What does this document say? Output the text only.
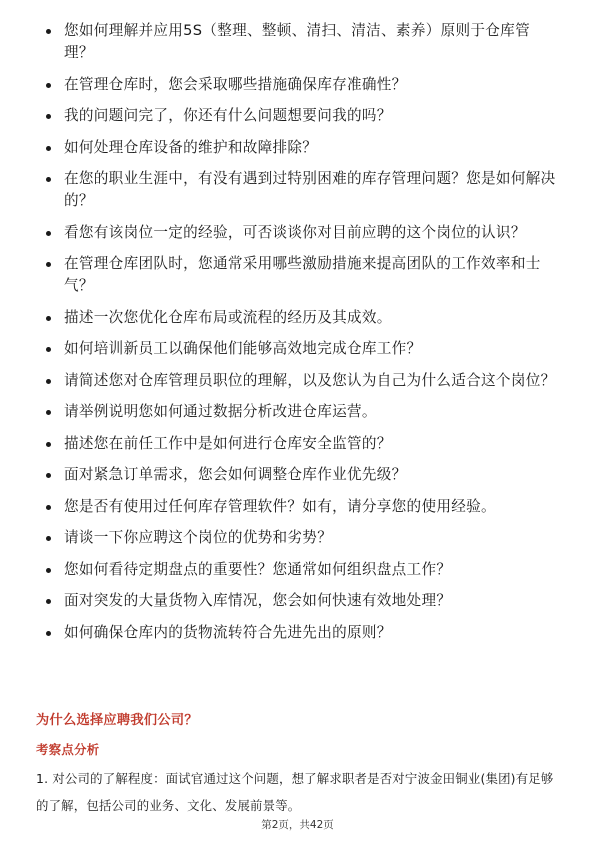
您如何理解并应用5S（整理、整顿、清扫、清洁、素养）原则于仓库管理？
在管理仓库时，您会采取哪些措施确保库存准确性？
我的问题问完了，你还有什么问题想要问我的吗？
如何处理仓库设备的维护和故障排除？
在您的职业生涯中，有没有遇到过特别困难的库存管理问题？您是如何解决的？
看您有该岗位一定的经验，可否谈谈你对目前应聘的这个岗位的认识？
在管理仓库团队时，您通常采用哪些激励措施来提高团队的工作效率和士气？
描述一次您优化仓库布局或流程的经历及其成效。
如何培训新员工以确保他们能够高效地完成仓库工作？
请简述您对仓库管理员职位的理解，以及您认为自己为什么适合这个岗位？
请举例说明您如何通过数据分析改进仓库运营。
描述您在前任工作中是如何进行仓库安全监管的？
面对紧急订单需求，您会如何调整仓库作业优先级？
您是否有使用过任何库存管理软件？如有，请分享您的使用经验。
请谈一下你应聘这个岗位的优势和劣势？
您如何看待定期盘点的重要性？您通常如何组织盘点工作？
面对突发的大量货物入库情况，您会如何快速有效地处理？
如何确保仓库内的货物流转符合先进先出的原则？
为什么选择应聘我们公司？
考察点分析

1. 对公司的了解程度：面试官通过这个问题，想了解求职者是否对宁波金田铜业(集团)有足够的了解，包括公司的业务、文化、发展前景等。

第2页，共42页
